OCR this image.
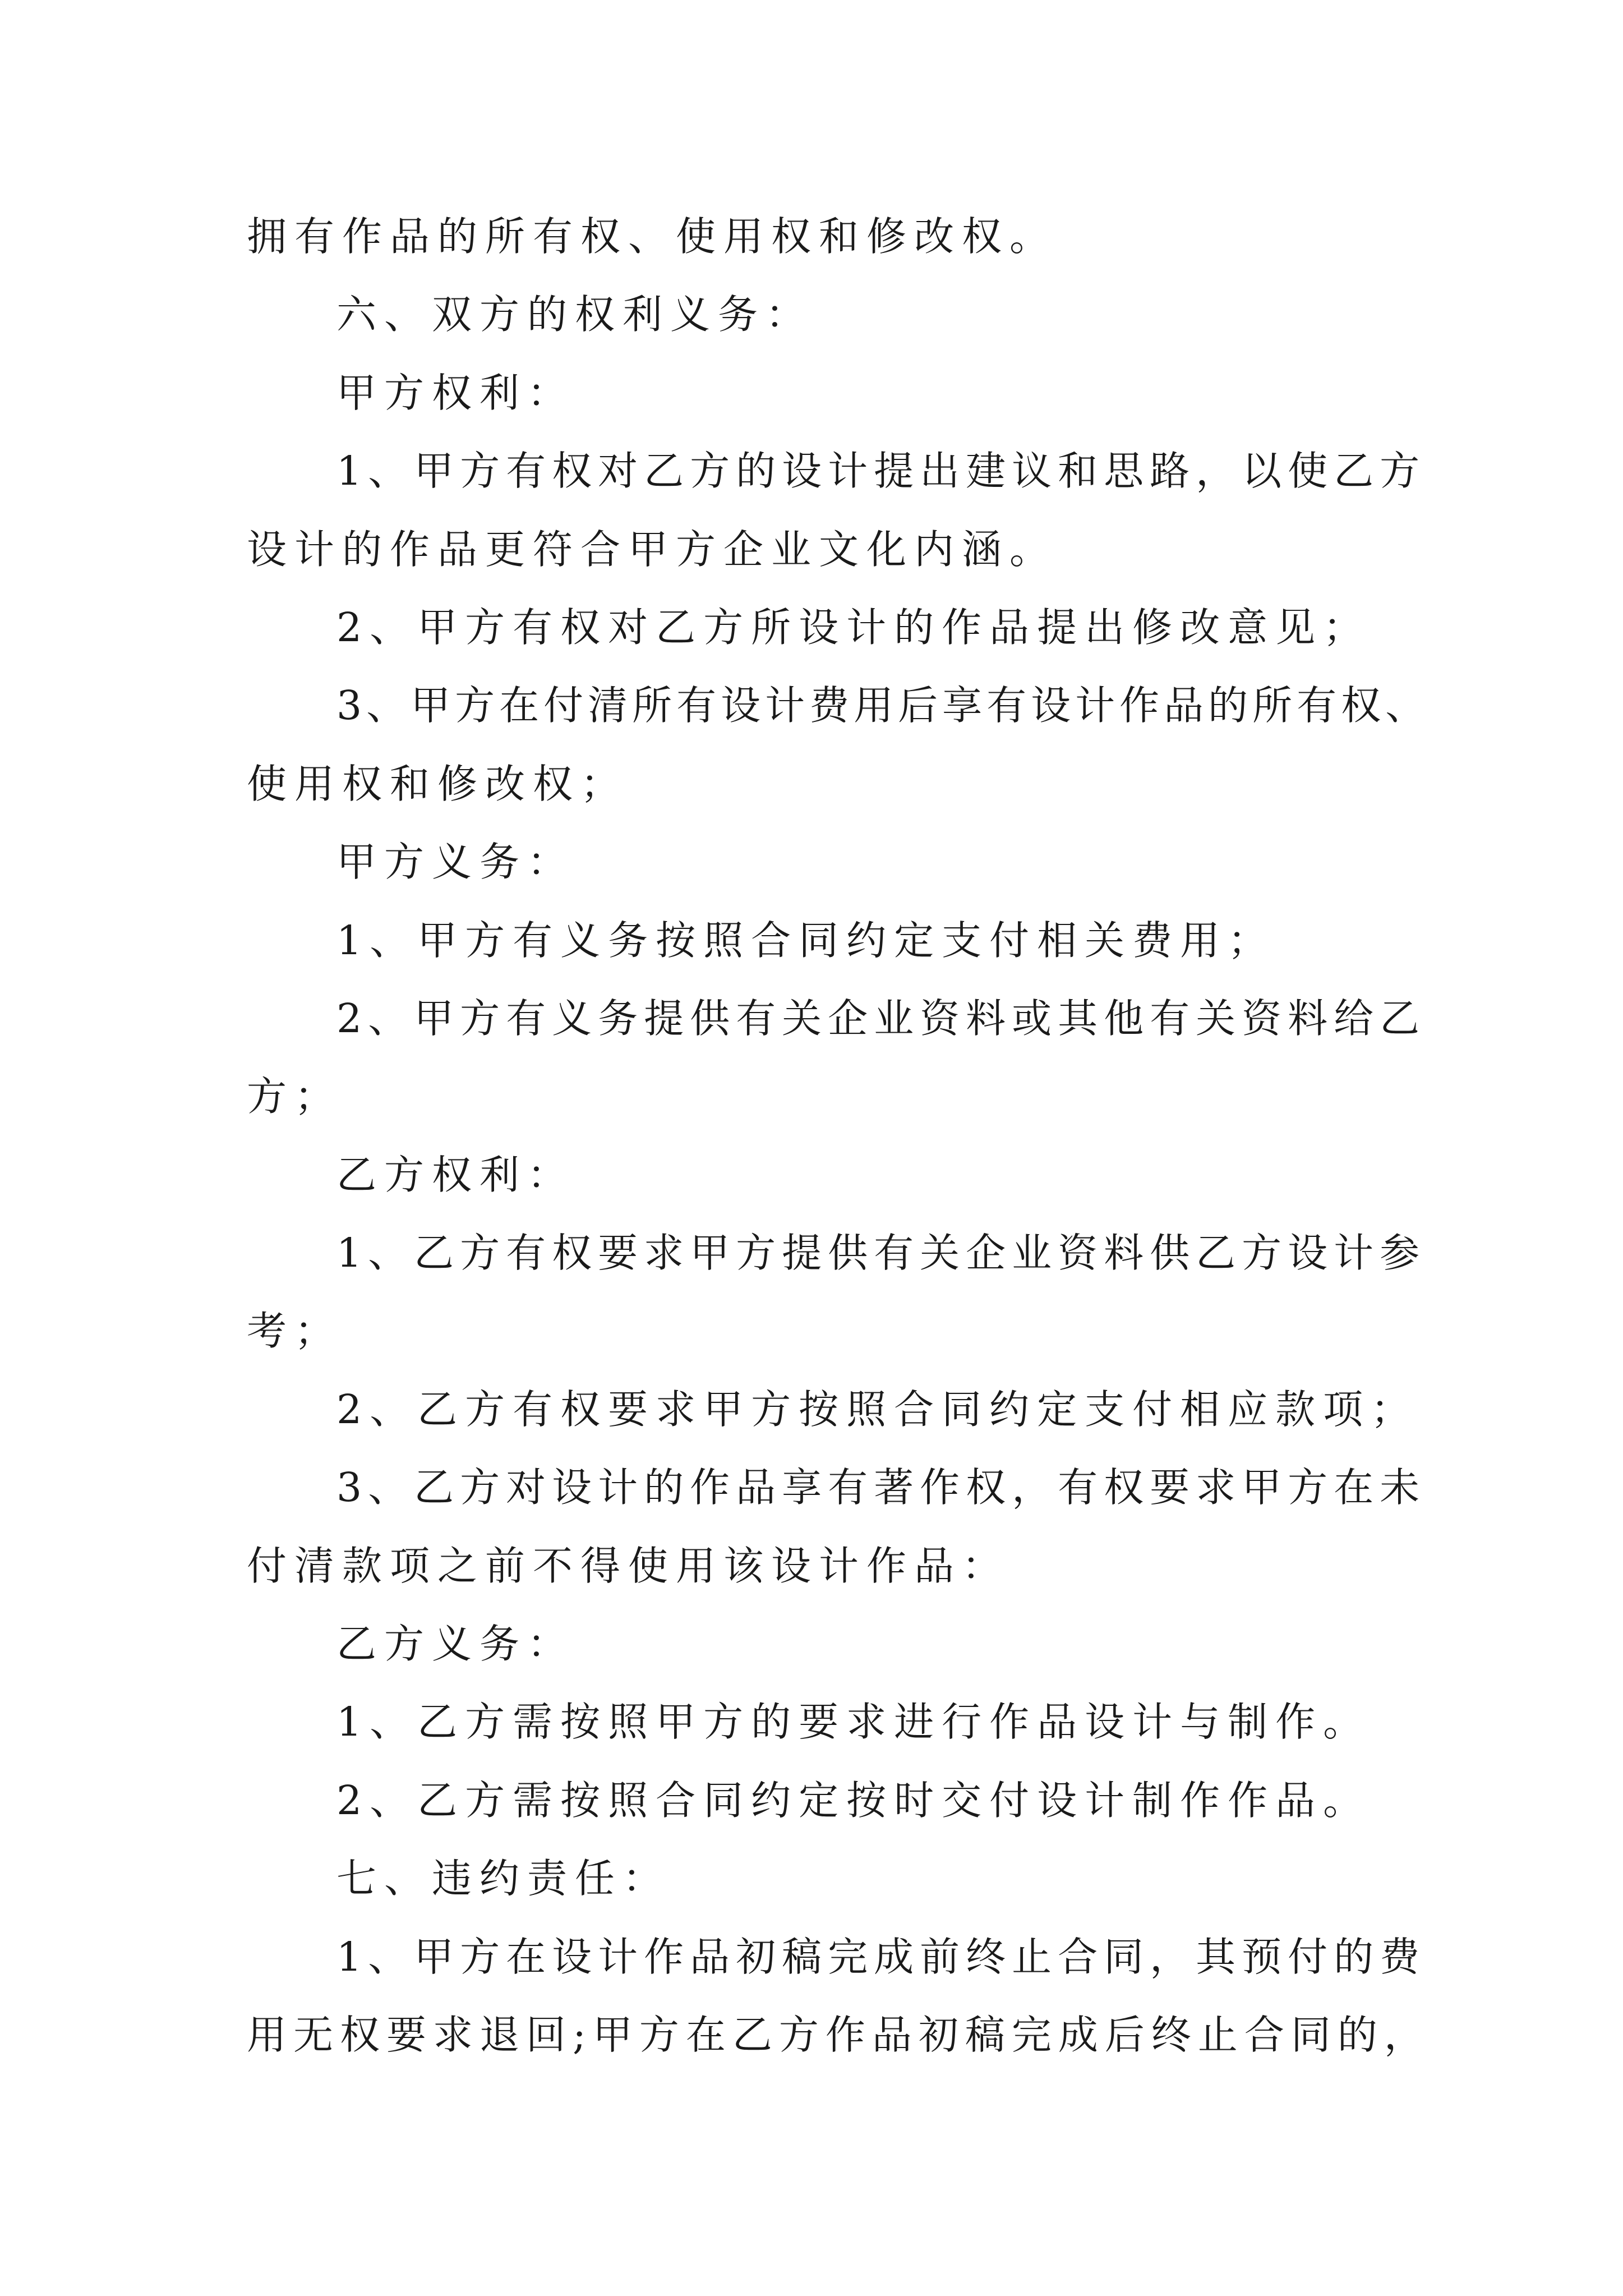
拥有作品的所有权、使用权和修改权。
六、双方的权利义务：
甲方权利：
1、甲方有权对乙方的设计提出建议和思路，以使乙方
设计的作品更符合甲方企业文化内涵。
2、甲方有权对乙方所设计的作品提出修改意见；
3、甲方在付清所有设计费用后享有设计作品的所有权、
使用权和修改权；
甲方义务：
1、甲方有义务按照合同约定支付相关费用；
2、甲方有义务提供有关企业资料或其他有关资料给乙
方；
乙方权利：
1、乙方有权要求甲方提供有关企业资料供乙方设计参
考；
2、乙方有权要求甲方按照合同约定支付相应款项；
3、乙方对设计的作品享有著作权，有权要求甲方在未
付清款项之前不得使用该设计作品：
乙方义务：
1、乙方需按照甲方的要求进行作品设计与制作。
2、乙方需按照合同约定按时交付设计制作作品。
七、违约责任：
1、甲方在设计作品初稿完成前终止合同，其预付的费
用无权要求退回;甲方在乙方作品初稿完成后终止合同的，
